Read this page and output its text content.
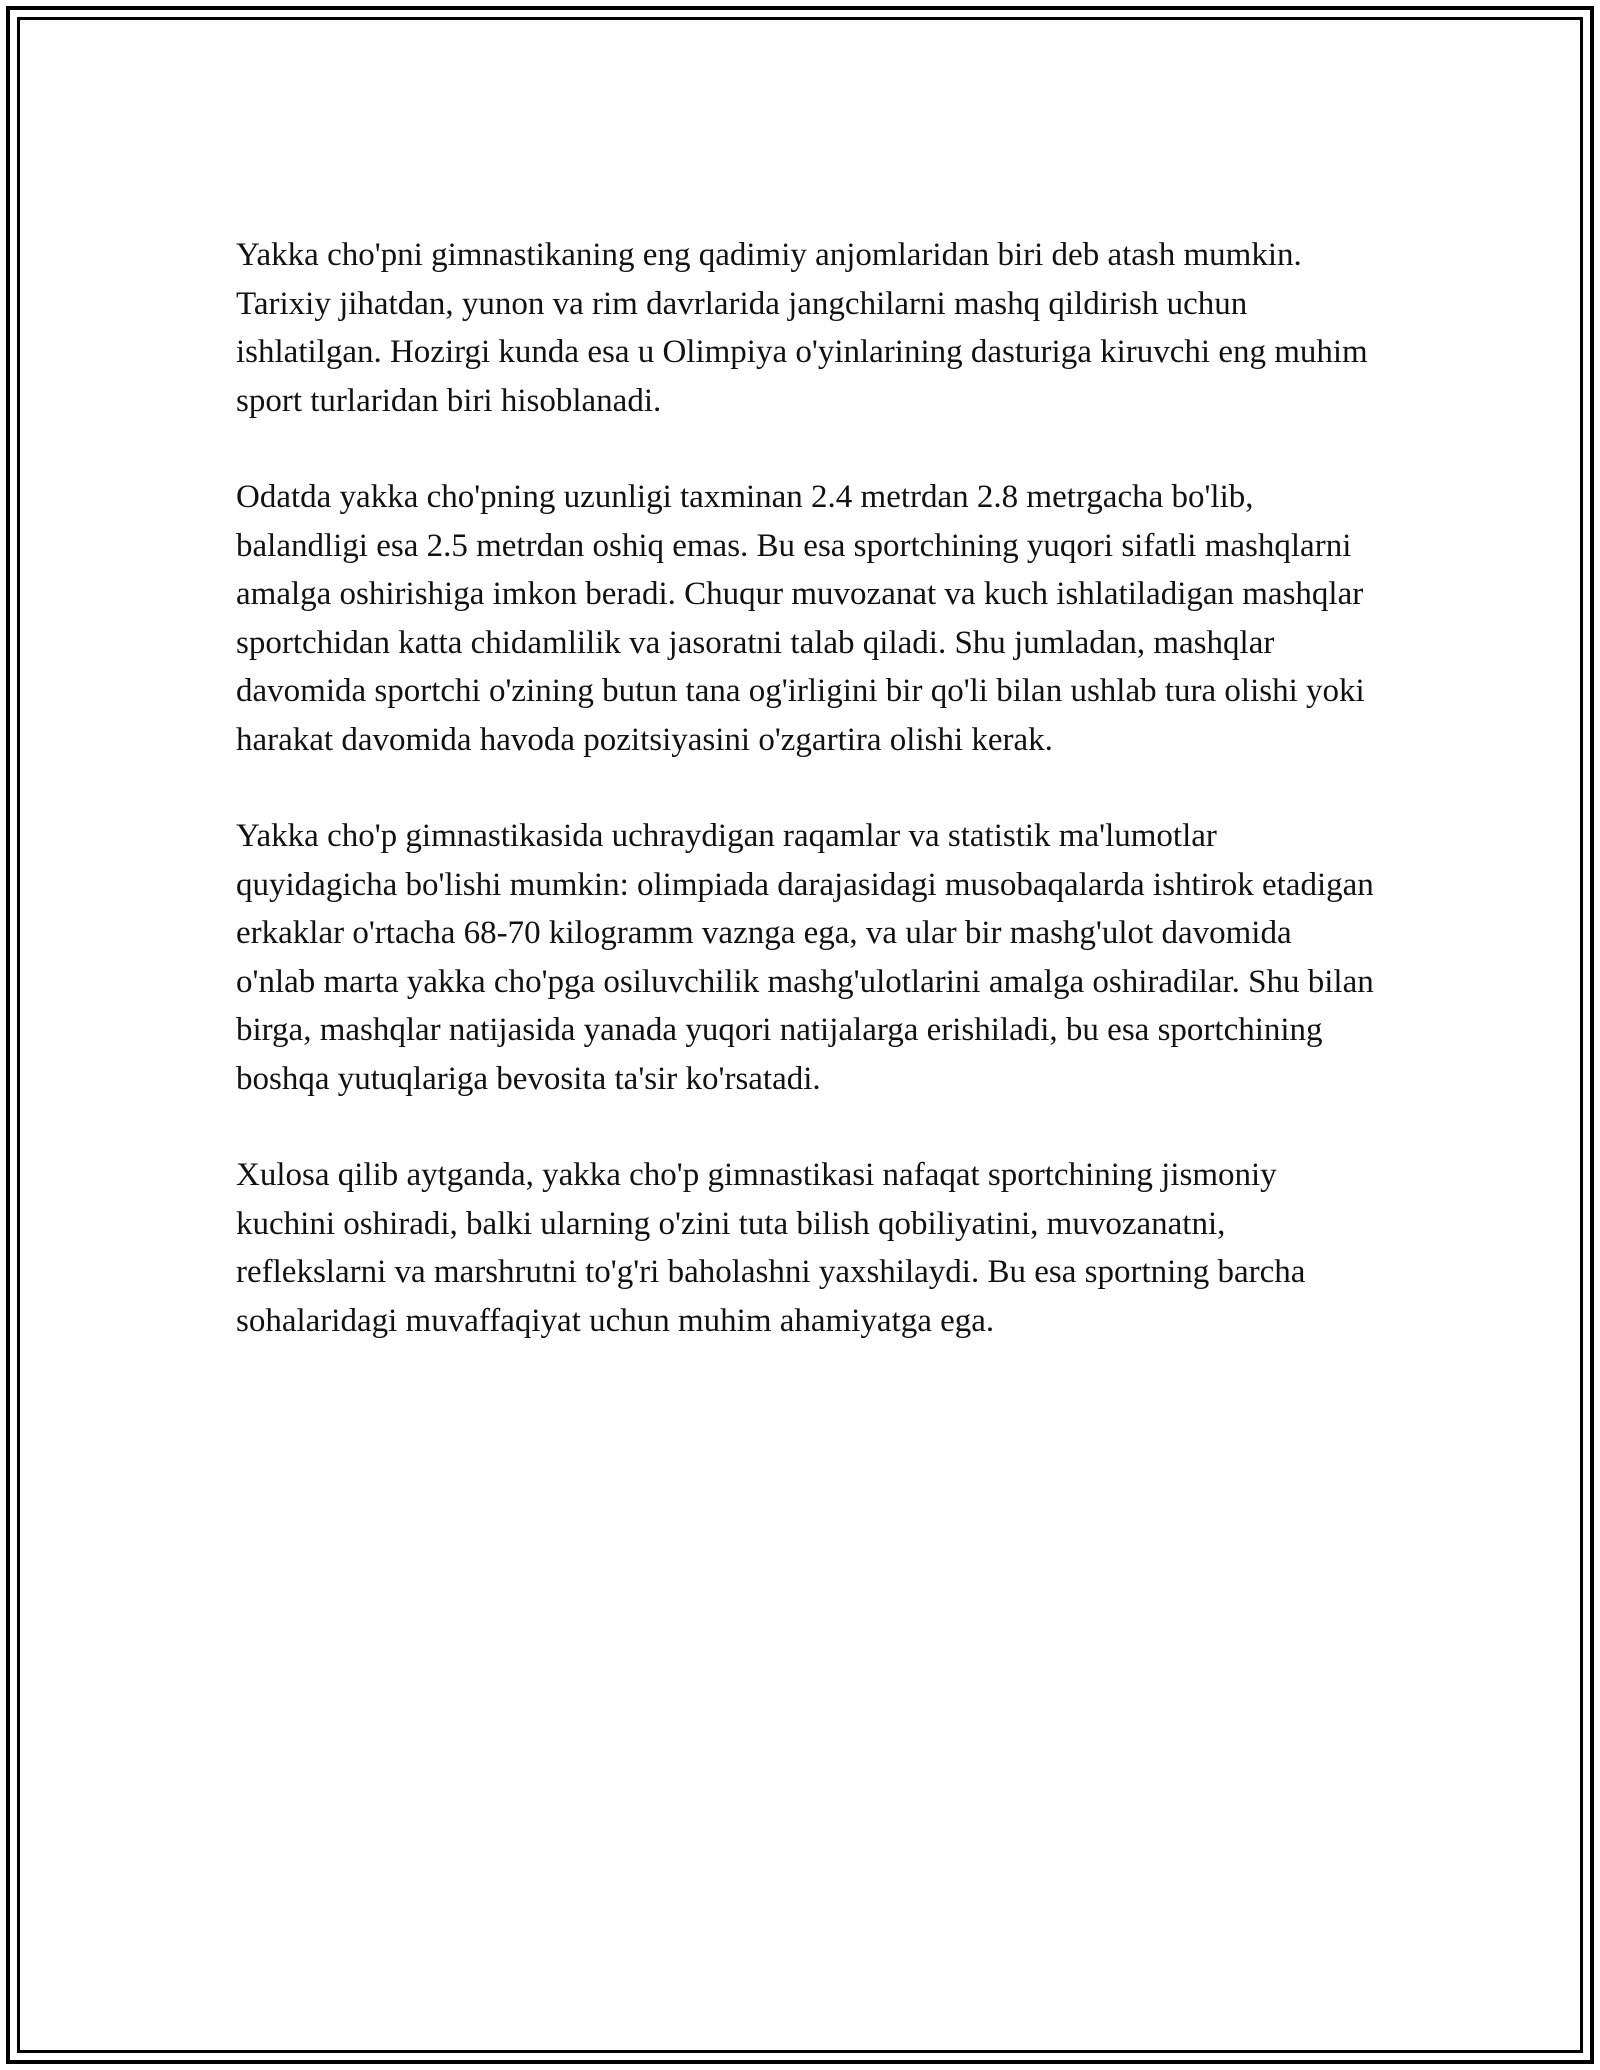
Yakka cho'pni gimnastikaning eng qadimiy anjomlaridan biri deb atash mumkin. Tarixiy jihatdan, yunon va rim davrlarida jangchilarni mashq qildirish uchun ishlatilgan. Hozirgi kunda esa u Olimpiya o'yinlarining dasturiga kiruvchi eng muhim sport turlaridan biri hisoblanadi.

Odatda yakka cho'pning uzunligi taxminan 2.4 metrdan 2.8 metrgacha bo'lib, balandligi esa 2.5 metrdan oshiq emas. Bu esa sportchining yuqori sifatli mashqlarni amalga oshirishiga imkon beradi. Chuqur muvozanat va kuch ishlatiladigan mashqlar sportchidan katta chidamlilik va jasoratni talab qiladi. Shu jumladan, mashqlar davomida sportchi o'zining butun tana og'irligini bir qo'li bilan ushlab tura olishi yoki harakat davomida havoda pozitsiyasini o'zgartira olishi kerak.

Yakka cho'p gimnastikasida uchraydigan raqamlar va statistik ma'lumotlar quyidagicha bo'lishi mumkin: olimpiada darajasidagi musobaqalarda ishtirok etadigan erkaklar o'rtacha 68-70 kilogramm vaznga ega, va ular bir mashg'ulot davomida o'nlab marta yakka cho'pga osiluvchilik mashg'ulotlarini amalga oshiradilar. Shu bilan birga, mashqlar natijasida yanada yuqori natijalarga erishiladi, bu esa sportchining boshqa yutuqlariga bevosita ta'sir ko'rsatadi.

Xulosa qilib aytganda, yakka cho'p gimnastikasi nafaqat sportchining jismoniy kuchini oshiradi, balki ularning o'zini tuta bilish qobiliyatini, muvozanatni, reflekslarni va marshrutni to'g'ri baholashni yaxshilaydi. Bu esa sportning barcha sohalaridagi muvaffaqiyat uchun muhim ahamiyatga ega.
